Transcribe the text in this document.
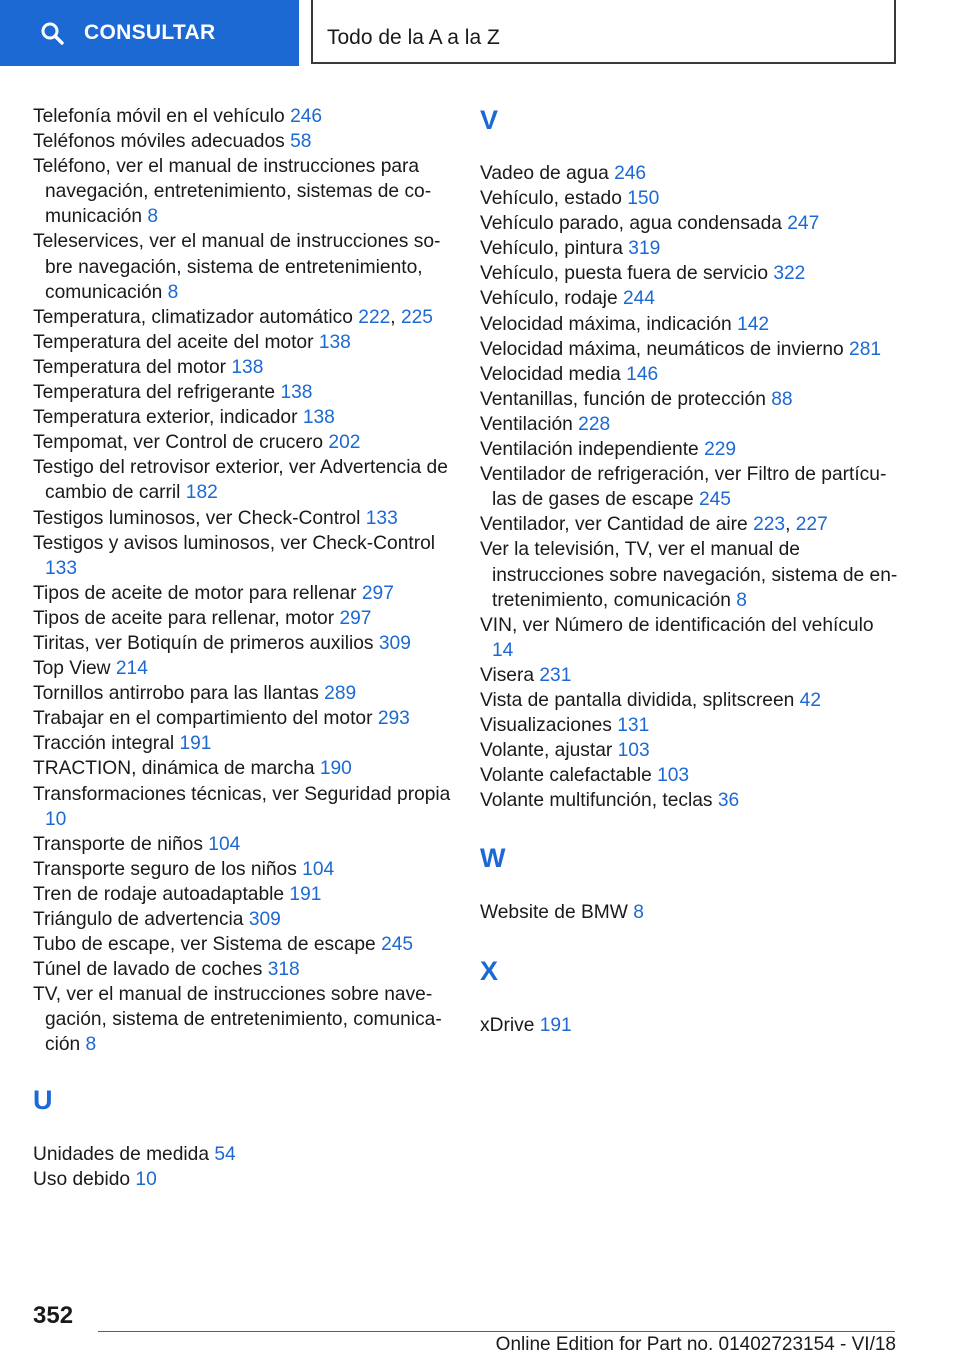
CONSULTAR	Todo de la A a la Z
Telefonía móvil en el vehículo 246
Teléfonos móviles adecuados 58
Teléfono, ver el manual de instrucciones para navegación, entretenimiento, sistemas de comunicación 8
Teleservices, ver el manual de instrucciones sobre navegación, sistema de entretenimiento, comunicación 8
Temperatura, climatizador automático 222, 225
Temperatura del aceite del motor 138
Temperatura del motor 138
Temperatura del refrigerante 138
Temperatura exterior, indicador 138
Tempomat, ver Control de crucero 202
Testigo del retrovisor exterior, ver Advertencia de cambio de carril 182
Testigos luminosos, ver Check-Control 133
Testigos y avisos luminosos, ver Check-Control 133
Tipos de aceite de motor para rellenar 297
Tipos de aceite para rellenar, motor 297
Tiritas, ver Botiquín de primeros auxilios 309
Top View 214
Tornillos antirrobo para las llantas 289
Trabajar en el compartimiento del motor 293
Tracción integral 191
TRACTION, dinámica de marcha 190
Transformaciones técnicas, ver Seguridad propia 10
Transporte de niños 104
Transporte seguro de los niños 104
Tren de rodaje autoadaptable 191
Triángulo de advertencia 309
Tubo de escape, ver Sistema de escape 245
Túnel de lavado de coches 318
TV, ver el manual de instrucciones sobre navegación, sistema de entretenimiento, comunicación 8
U
Unidades de medida 54
Uso debido 10
V
Vadeo de agua 246
Vehículo, estado 150
Vehículo parado, agua condensada 247
Vehículo, pintura 319
Vehículo, puesta fuera de servicio 322
Vehículo, rodaje 244
Velocidad máxima, indicación 142
Velocidad máxima, neumáticos de invierno 281
Velocidad media 146
Ventanillas, función de protección 88
Ventilación 228
Ventilación independiente 229
Ventilador de refrigeración, ver Filtro de partículas de gases de escape 245
Ventilador, ver Cantidad de aire 223, 227
Ver la televisión, TV, ver el manual de instrucciones sobre navegación, sistema de entretenimiento, comunicación 8
VIN, ver Número de identificación del vehículo 14
Visera 231
Vista de pantalla dividida, splitscreen 42
Visualizaciones 131
Volante, ajustar 103
Volante calefactable 103
Volante multifunción, teclas 36
W
Website de BMW 8
X
xDrive 191
352
Online Edition for Part no. 01402723154 - VI/18
